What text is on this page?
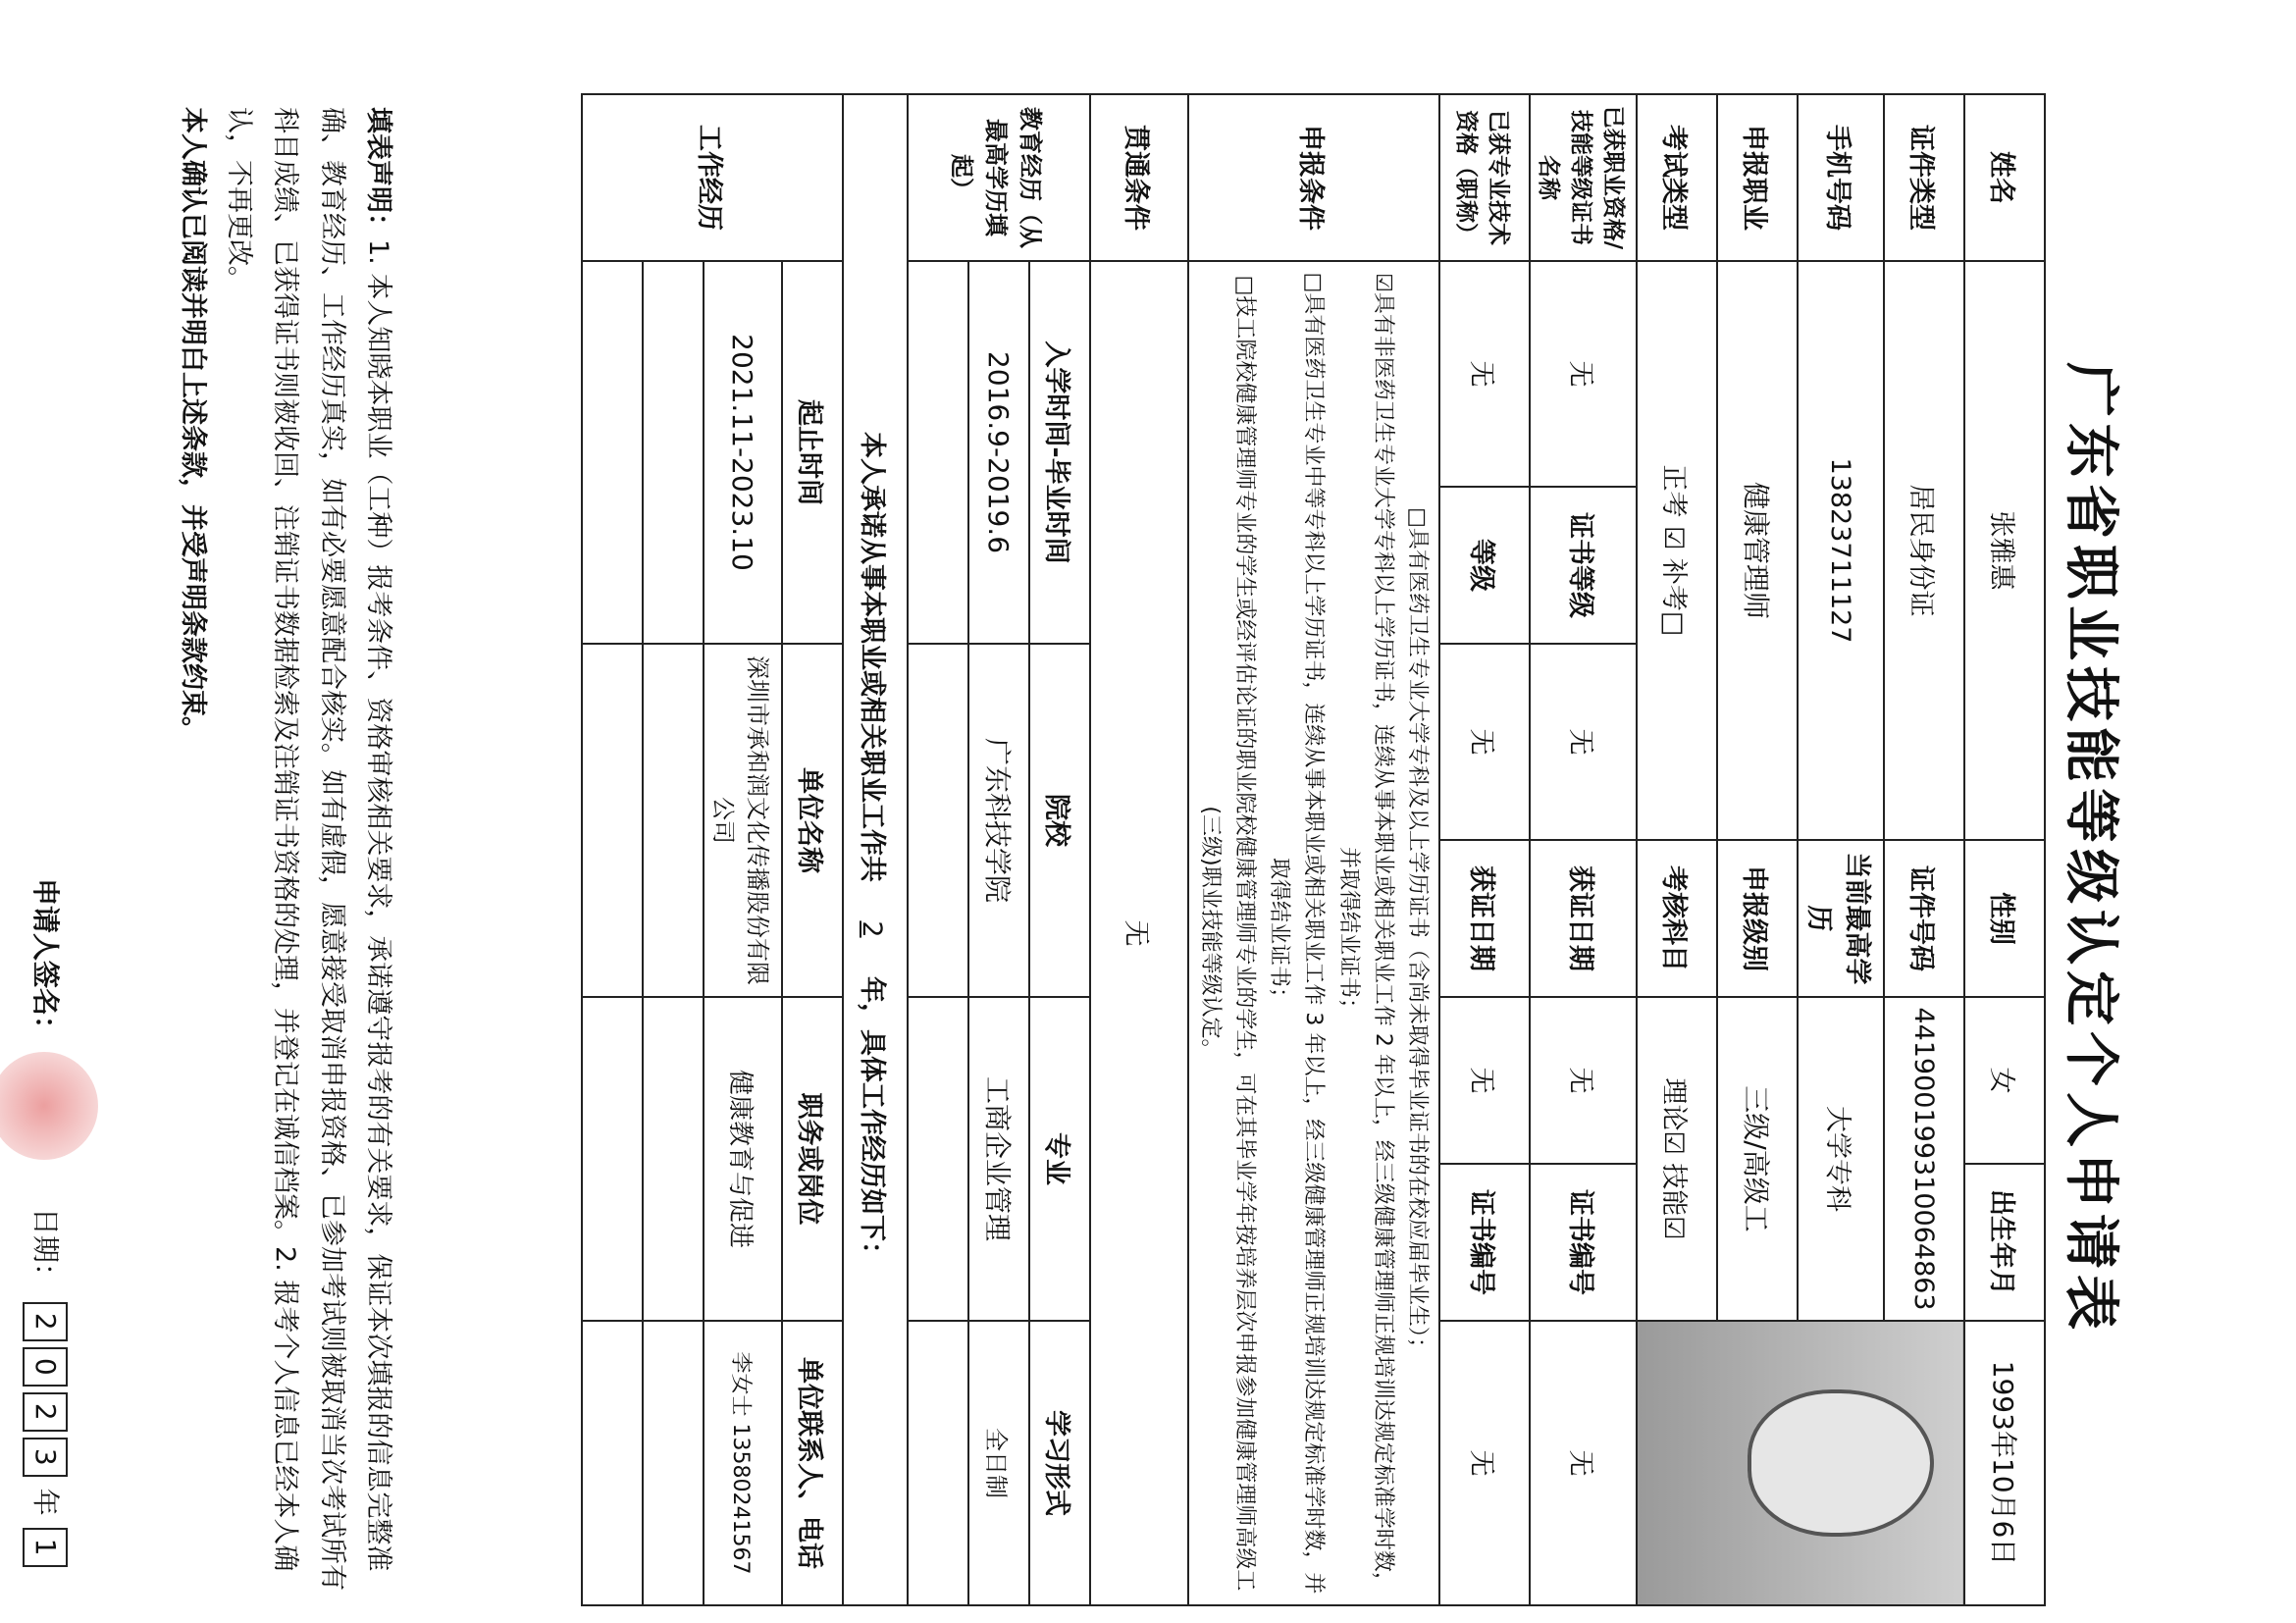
广东省职业技能等级认定个人申请表
姓名	张雅惠			性别	女	出生年月	1993年10月6日
证件类型	居民身份证			证件号码	441900199310064863		

手机号码	13823711127			当前最高学历	大学专科		
申报职业	健康管理师			申报级别	三级/高级工		
考试类型	正考 ☑ 补考□			考核科目	理论☑ 技能☑		
已获职业资格/技能等级证书名称	无	证书等级	无	获证日期	无	证书编号	无
已获专业技术资格（职称）	无	等级	无	获证日期	无	证书编号	无
申报条件	□具有医药卫生专业大学专科及以上学历证书（含尚未取得毕业证书的在校应届毕业生）；
☑具有非医药卫生专业大学专科以上学历证书，连续从事本职业或相关职业工作 2 年以上，经三级健康管理师正规培训达规定标准学时数，并取得结业证书；
□具有医药卫生专业中等专科以上学历证书，连续从事本职业或相关职业工作 3 年以上，经三级健康管理师正规培训达规定标准学时数，并取得结业证书；
□技工院校健康管理师专业的学生或经评估论证的职业院校健康管理师专业的学生，可在其毕业学年按培养层次申报参加健康管理师高级工(三级)职业技能等级认定。						

贯通条件	无						
教育经历（从最高学历填起）	入学时间-毕业时间		院校		专业		学习形式
	2016.9-2019.6		广东科技学院		工商企业管理		全日制

本人承诺从事本职业或相关职业工作共 2 年，具体工作经历如下：							
工作经历	起止时间		单位名称		职务或岗位		单位联系人、电话
	2021.11-2023.10		深圳市承和润文化传播股份有限公司		健康教育与促进		李女士 13580241567

填表声明：1. 本人知晓本职业（工种）报考条件、资格审核相关要求，承诺遵守报考的有关要求，保证本次填报的信息完整准确、教育经历、工作经历真实，如有必要愿意配合核实。如有虚假，愿意接受取消申报资格、已参加考试则被取消当次考试所有科目成绩、已获得证书则被收回、注销证书数据检索及注销证书资格的处理，并登记在诚信档案。2. 报考个人信息已经本人确认，不再更改。
本人确认已阅读并明白上述条款，并受声明条款约束。
申请人签名：  日期： 2023 年 1
